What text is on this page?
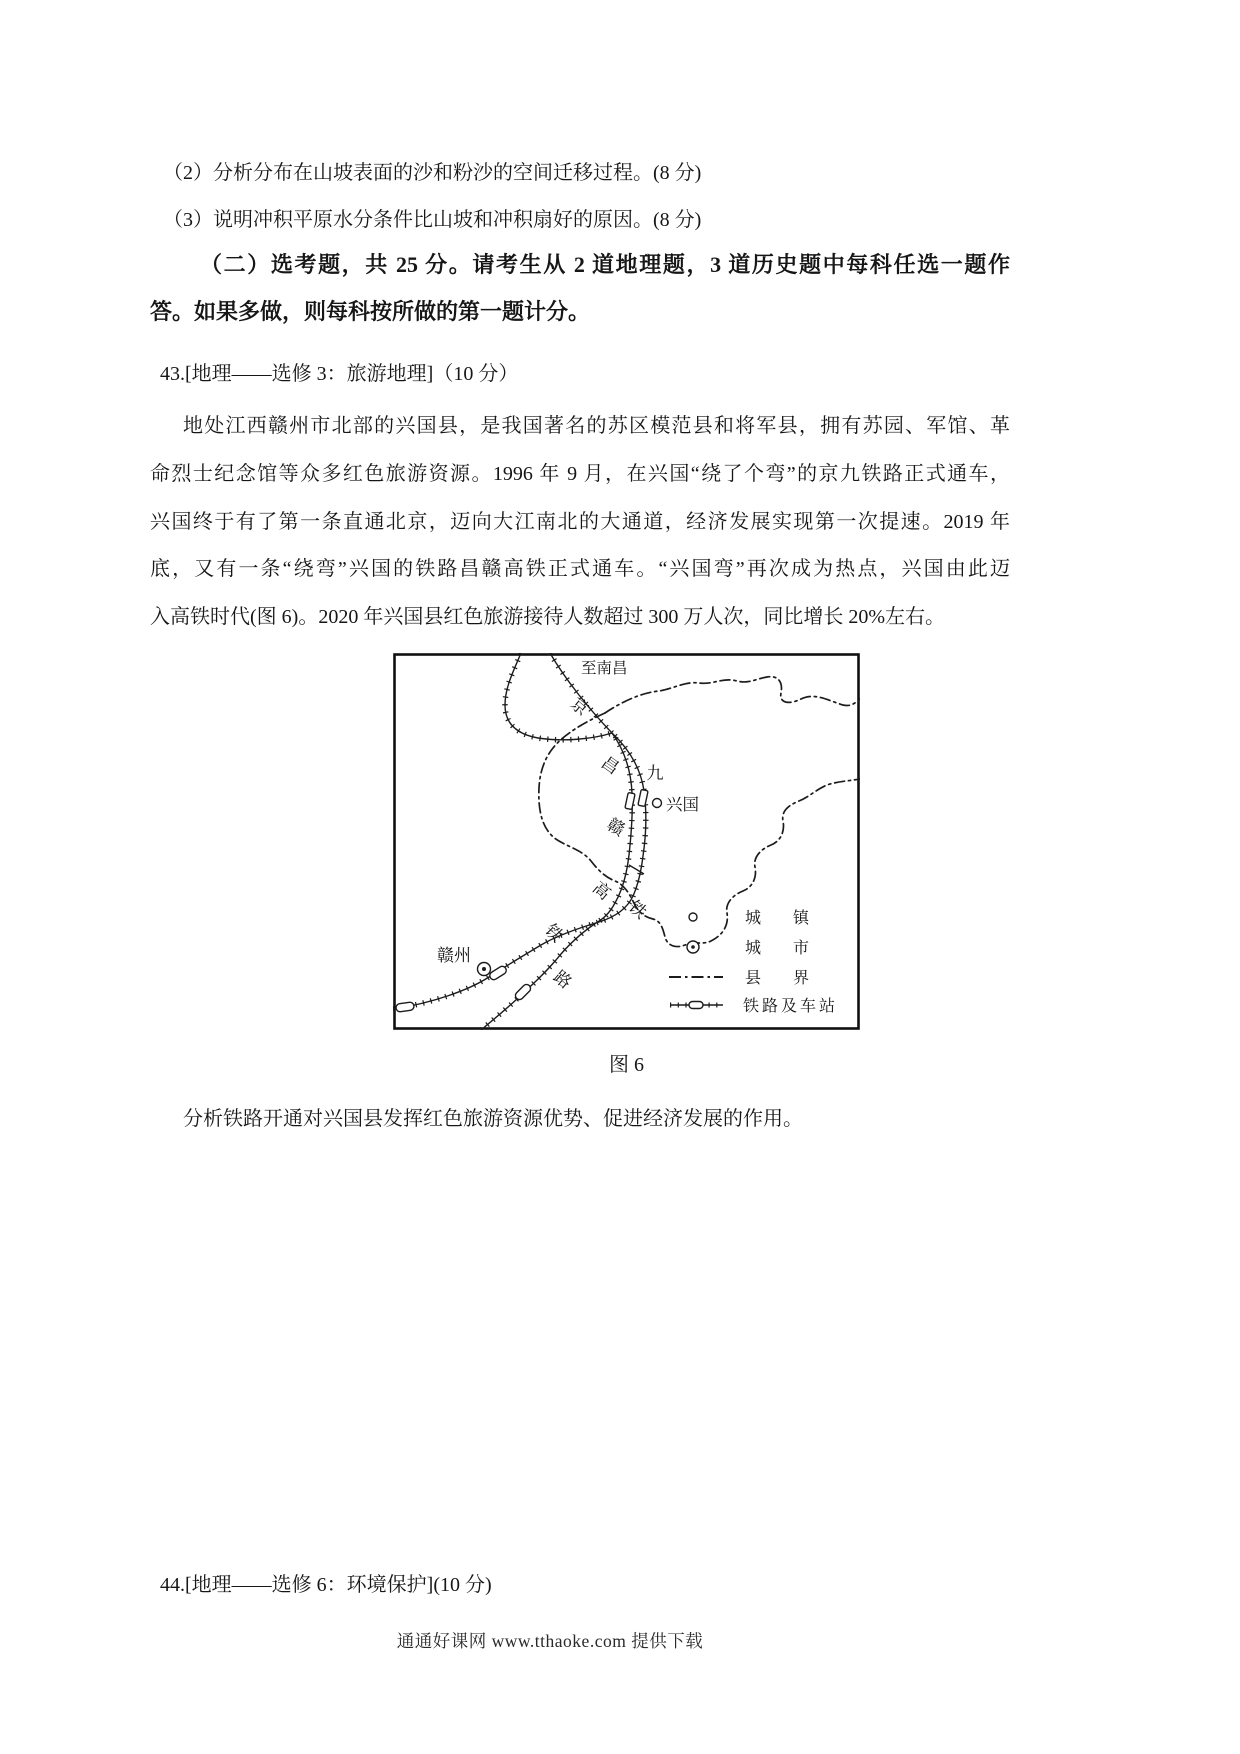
（2）分析分布在山坡表面的沙和粉沙的空间迁移过程。(8 分)
（3）说明冲积平原水分条件比山坡和冲积扇好的原因。(8 分)
（二）选考题，共 25 分。请考生从 2 道地理题，3 道历史题中每科任选一题作
答。如果多做，则每科按所做的第一题计分。
43.[地理——选修 3：旅游地理]（10 分）
地处江西赣州市北部的兴国县，是我国著名的苏区模范县和将军县，拥有苏园、军馆、革
命烈士纪念馆等众多红色旅游资源。1996 年 9 月，在兴国“绕了个弯”的京九铁路正式通车，
兴国终于有了第一条直通北京，迈向大江南北的大通道，经济发展实现第一次提速。2019 年
底，又有一条“绕弯”兴国的铁路昌赣高铁正式通车。“兴国弯”再次成为热点，兴国由此迈
入高铁时代(图 6)。2020 年兴国县红色旅游接待人数超过 300 万人次，同比增长 20%左右。
至南昌
兴国
赣州
京
九
铁
路
昌
赣
高
铁	城　　镇
城　　市
县　　界
铁路及车站
图 6
分析铁路开通对兴国县发挥红色旅游资源优势、促进经济发展的作用。
44.[地理——选修 6：环境保护](10 分)
通通好课网 www.tthaoke.com 提供下载
